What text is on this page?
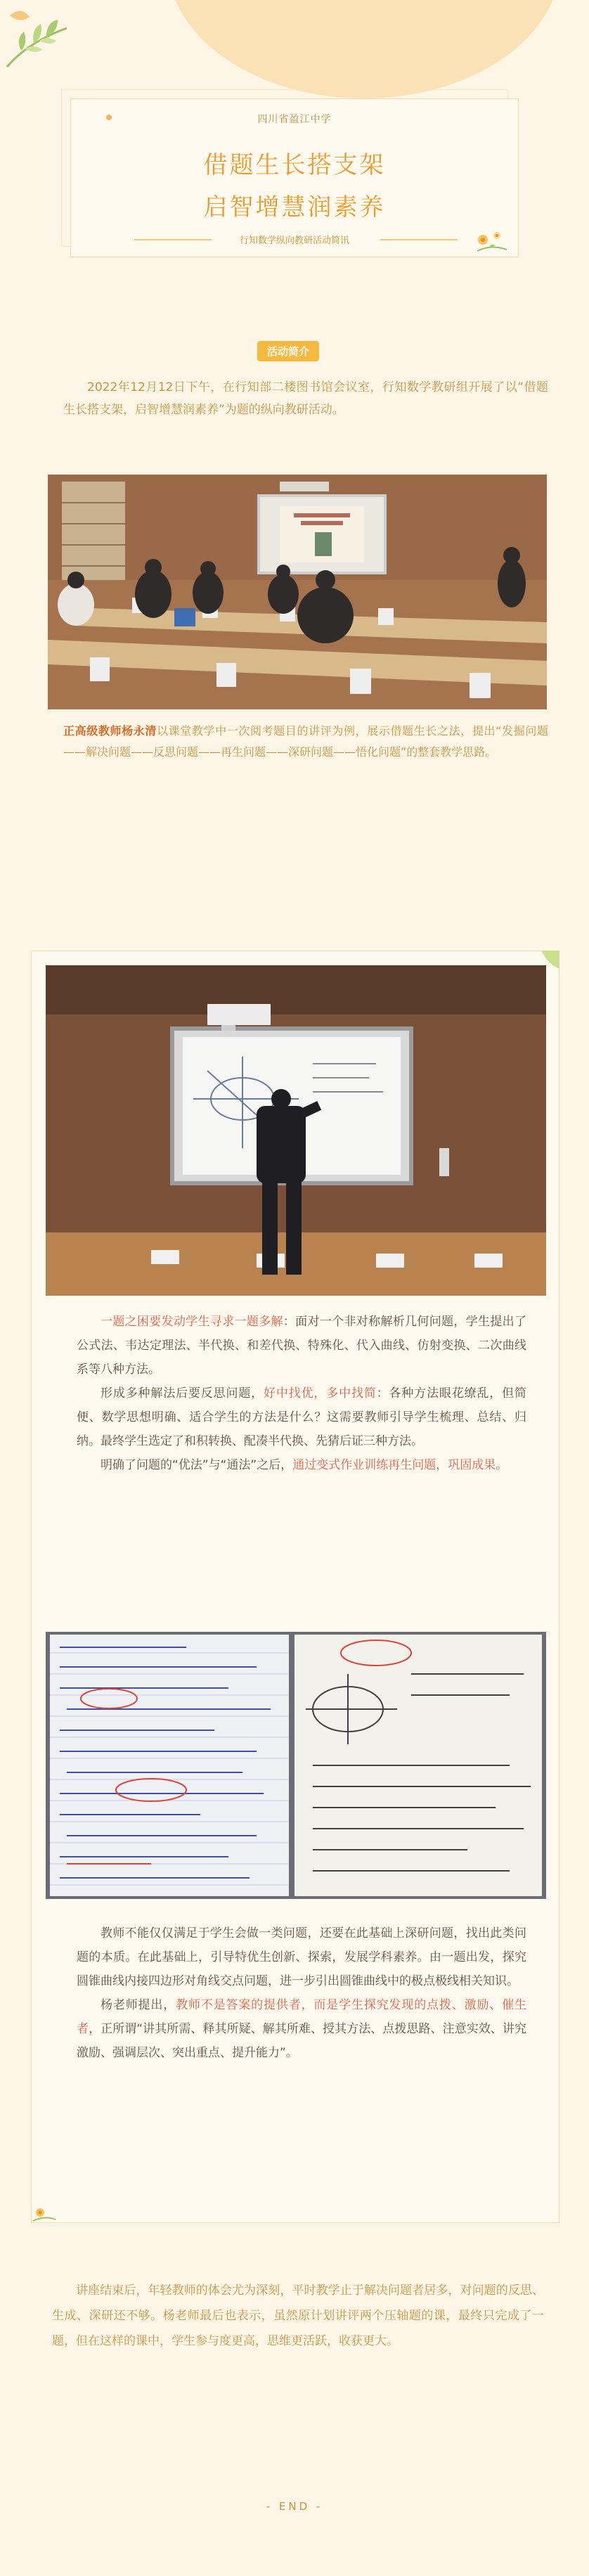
四川省盈江中学
借题生长搭支架
启智增慧润素养
行知数学纵向教研活动简讯
活动简介

2022年12月12日下午，在行知部二楼图书馆会议室，行知数学教研组开展了以“借题生长搭支架，启智增慧润素养”为题的纵向教研活动。

正高级教师杨永清以课堂教学中一次阅考题目的讲评为例，展示借题生长之法，提出“发掘问题——解决问题——反思问题——再生问题——深研问题——悟化问题”的整套教学思路。

一题之困要发动学生寻求一题多解：面对一个非对称解析几何问题，学生提出了公式法、韦达定理法、半代换、和差代换、特殊化、代入曲线、仿射变换、二次曲线系等八种方法。

形成多种解法后要反思问题，好中找优，多中找简：各种方法眼花缭乱，但简便、数学思想明确、适合学生的方法是什么？这需要教师引导学生梳理、总结、归纳。最终学生选定了和积转换、配凑半代换、先猜后证三种方法。

明确了问题的“优法”与“通法”之后，通过变式作业训练再生问题，巩固成果。

教师不能仅仅满足于学生会做一类问题，还要在此基础上深研问题，找出此类问题的本质。在此基础上，引导特优生创新、探索，发展学科素养。由一题出发，探究圆锥曲线内接四边形对角线交点问题，进一步引出圆锥曲线中的极点极线相关知识。

杨老师提出，教师不是答案的提供者，而是学生探究发现的点拨、激励、催生者，正所谓“讲其所需、释其所疑、解其所难、授其方法、点拨思路、注意实效、讲究激励、强调层次、突出重点、提升能力”。

讲座结束后，年轻教师的体会尤为深刻，平时教学止于解决问题者居多，对问题的反思、生成、深研还不够。杨老师最后也表示，虽然原计划讲评两个压轴题的课，最终只完成了一题，但在这样的课中，学生参与度更高，思维更活跃，收获更大。

- END -
